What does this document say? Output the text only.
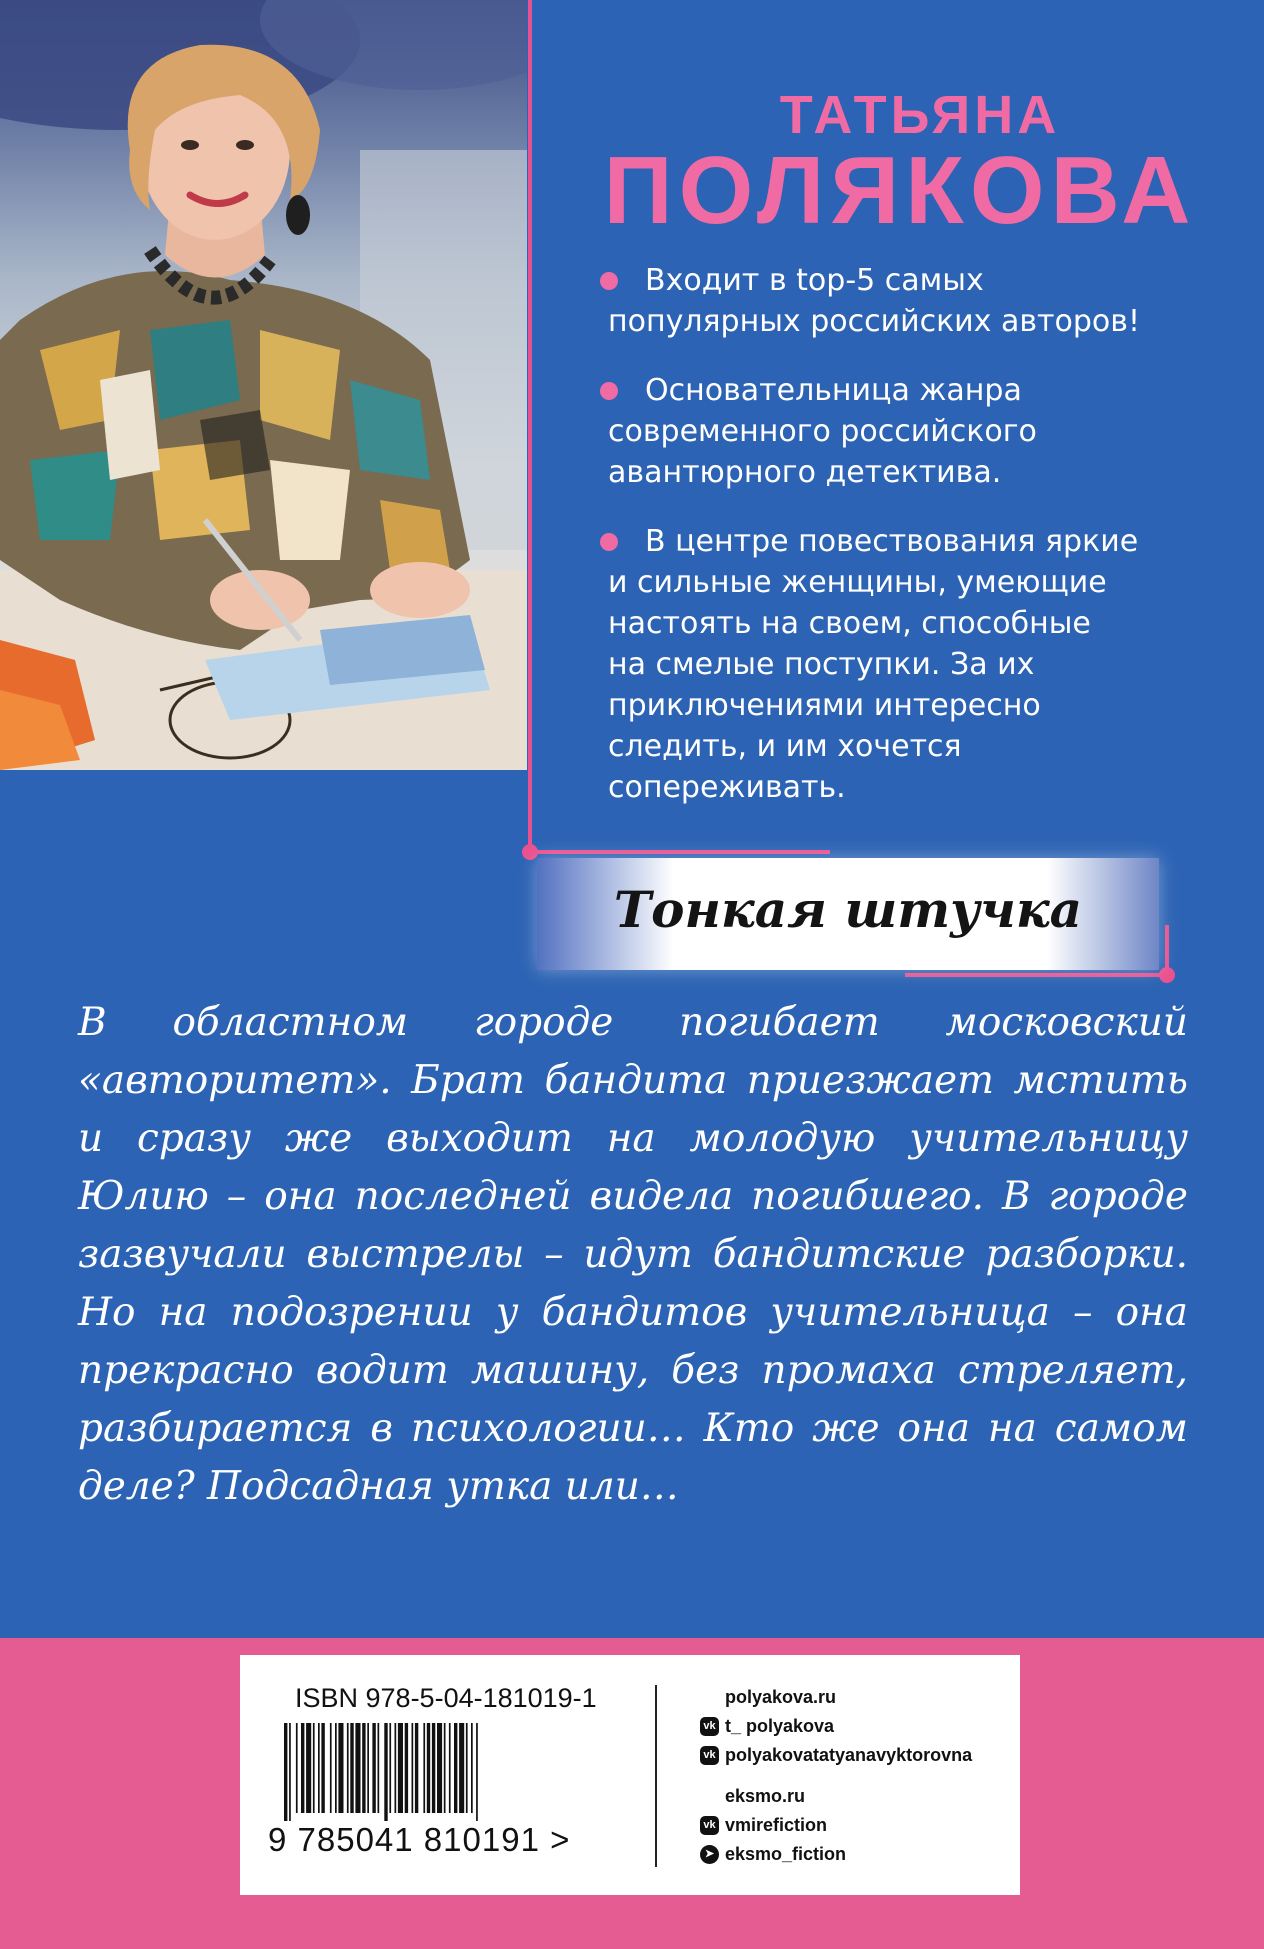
ТАТЬЯНА
ПОЛЯКОВА
Входит в top-5 самых
популярных российских авторов!
Основательница жанра
современного российского
авантюрного детектива.
В центре повествования яркие
и сильные женщины, умеющие
настоять на своем, способные
на смелые поступки. За их
приключениями интересно
следить, и им хочется
сопереживать.
Тонкая штучка
В областном городе погибает московский «авторитет». Брат бандита приезжает мстить и сразу же выходит на молодую учительницу Юлию – она последней видела погибшего. В городе зазвучали выстрелы – идут бандитские разборки. Но на подозрении у бандитов учительница – она прекрасно водит машину, без промаха стреляет, разбирается в психологии… Кто же она на самом деле? Подсадная утка или…
ISBN 978-5-04-181019-1
9 785041 810191 >
polyakova.ru
vk t_ polyakova
vk polyakovatatyanavyktorovna
eksmo.ru
vk vmirefiction
➤ eksmo_fiction
